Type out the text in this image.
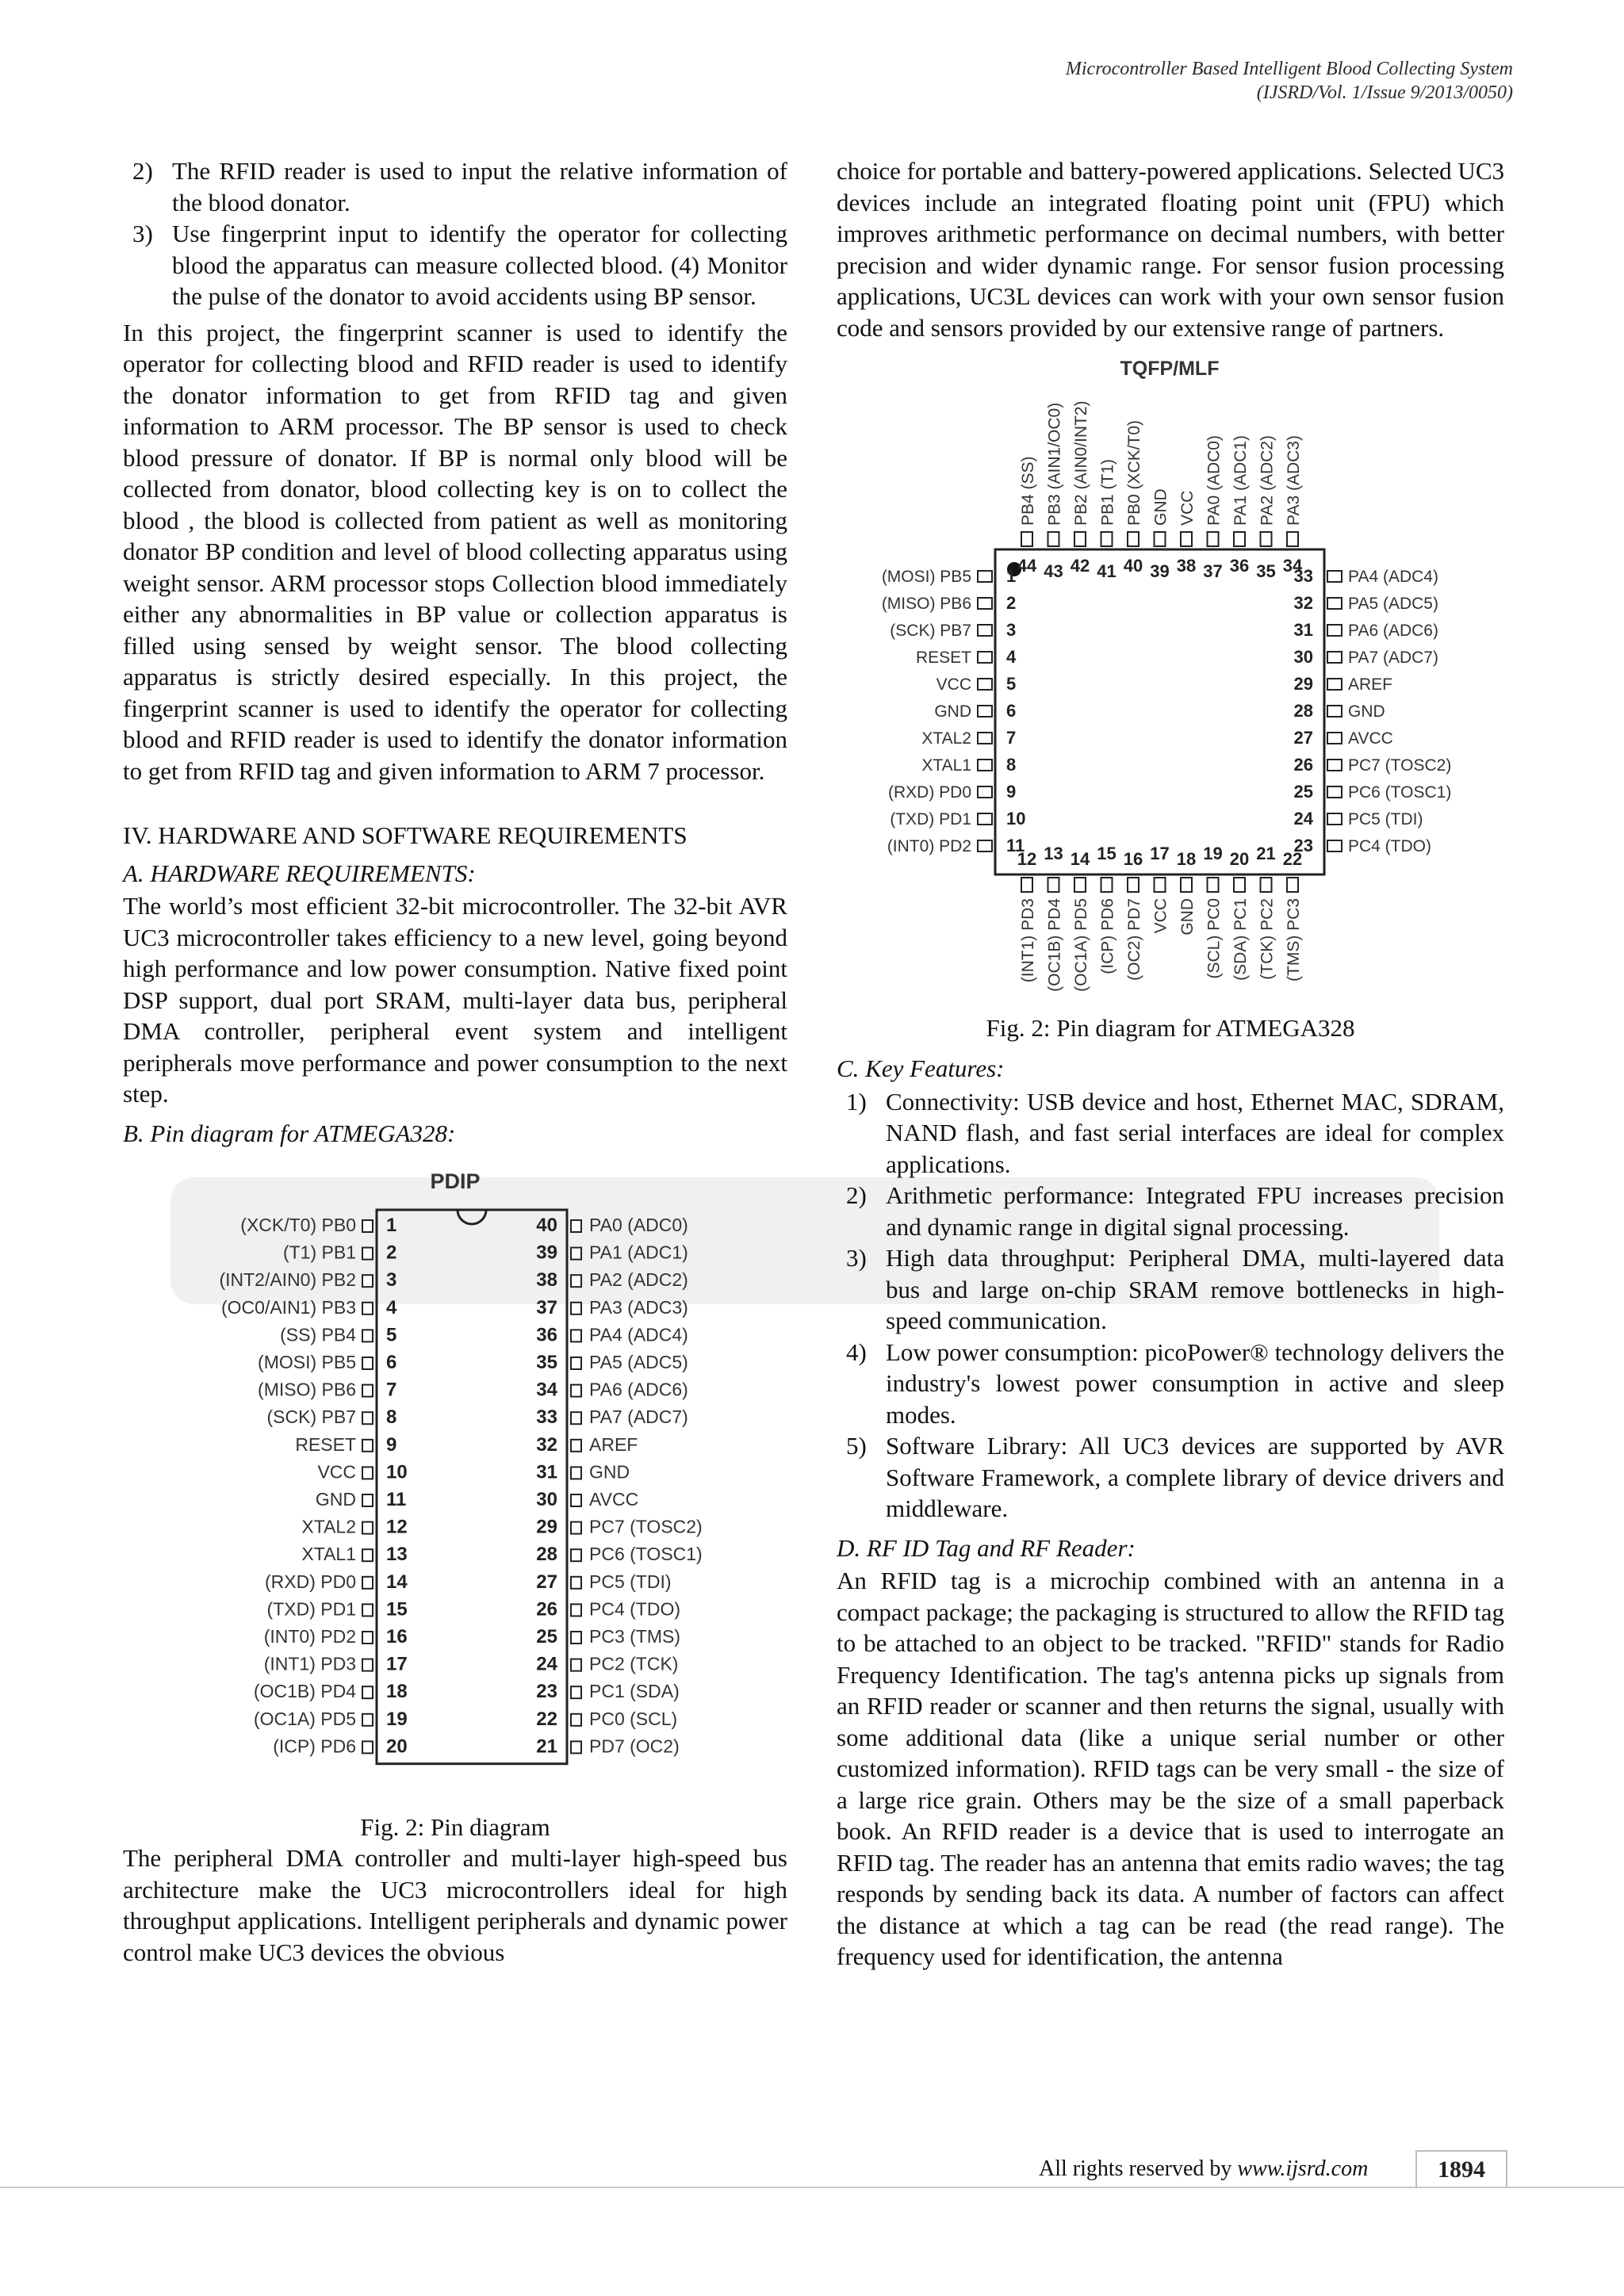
Microcontroller Based Intelligent Blood Collecting System
(IJSRD/Vol. 1/Issue 9/2013/0050)
2) The RFID reader is used to input the relative information of the blood donator.
3) Use fingerprint input to identify the operator for collecting blood the apparatus can measure collected blood. (4) Monitor the pulse of the donator to avoid accidents using BP sensor.

In this project, the fingerprint scanner is used to identify the operator for collecting blood and RFID reader is used to identify the donator information to get from RFID tag and given information to ARM processor. The BP sensor is used to check blood pressure of donator. If BP is normal only blood will be collected from donator, blood collecting key is on to collect the blood , the blood is collected from patient as well as monitoring donator BP condition and level of blood collecting apparatus using weight sensor. ARM processor stops Collection blood immediately either any abnormalities in BP value or collection apparatus is filled using sensed by weight sensor. The blood collecting apparatus is strictly desired especially. In this project, the fingerprint scanner is used to identify the operator for collecting blood and RFID reader is used to identify the donator information to get from RFID tag and given information to ARM 7 processor.

IV. HARDWARE AND SOFTWARE REQUIREMENTS
A. HARDWARE REQUIREMENTS:

The world’s most efficient 32-bit microcontroller. The 32-bit AVR UC3 microcontroller takes efficiency to a new level, going beyond high performance and low power consumption. Native fixed point DSP support, dual port SRAM, multi-layer data bus, peripheral DMA controller, peripheral event system and intelligent peripherals move performance and power consumption to the next step.

B. Pin diagram for ATMEGA328:
PDIP
1
(XCK/T0) PB0
2
(T1) PB1
3
(INT2/AIN0) PB2
4
(OC0/AIN1) PB3
5
(SS) PB4
6
(MOSI) PB5
7
(MISO) PB6
8
(SCK) PB7
9
RESET
10
VCC
11
GND
12
XTAL2
13
XTAL1
14
(RXD) PD0
15
(TXD) PD1
16
(INT0) PD2
17
(INT1) PD3
18
(OC1B) PD4
19
(OC1A) PD5
20
(ICP) PD6
40 PA0 (ADC0)
39 PA1 (ADC1)
38 PA2 (ADC2)
37 PA3 (ADC3)
36 PA4 (ADC4)
35 PA5 (ADC5)
34 PA6 (ADC6)
33 PA7 (ADC7)
32 AREF
31 GND
30 AVCC
29 PC7 (TOSC2)
28 PC6 (TOSC1)
27 PC5 (TDI)
26 PC4 (TDO)
25 PC3 (TMS)
24 PC2 (TCK)
23 PC1 (SDA)
22 PC0 (SCL)
21 PD7 (OC2)
Fig. 2: Pin diagram

The peripheral DMA controller and multi-layer high-speed bus architecture make the UC3 microcontrollers ideal for high throughput applications. Intelligent peripherals and dynamic power control make UC3 devices the obvious

choice for portable and battery-powered applications. Selected UC3 devices include an integrated floating point unit (FPU) which improves arithmetic performance on decimal numbers, with better precision and wider dynamic range. For sensor fusion processing applications, UC3L devices can work with your own sensor fusion code and sensors provided by our extensive range of partners.

TQFP/MLF
44
PB4 (SS)
43
PB3 (AIN1/OC0)
42
PB2 (AIN0/INT2)
41
PB1 (T1)
40
PB0 (XCK/T0)
39
GND
38
VCC
37
PA0 (ADC0)
36
PA1 (ADC1)
35
PA2 (ADC2)
34
PA3 (ADC3)
1
(MOSI) PB5
2
(MISO) PB6
3
(SCK) PB7
4
RESET
5
VCC
6
GND
7
XTAL2
8
XTAL1
9
(RXD) PD0
10
(TXD) PD1
11
(INT0) PD2
33 PA4 (ADC4)
32 PA5 (ADC5)
31 PA6 (ADC6)
30 PA7 (ADC7)
29 AREF
28 GND
27 AVCC
26 PC7 (TOSC2)
25 PC6 (TOSC1)
24 PC5 (TDI)
23 PC4 (TDO)
12
(INT1) PD3
13
(OC1B) PD4
14
(OC1A) PD5
15
(ICP) PD6
16
(OC2) PD7
17
VCC
18
GND
19
(SCL) PC0
20
(SDA) PC1
21
(TCK) PC2
22
(TMS) PC3
Fig. 2: Pin diagram for ATMEGA328
C. Key Features:
1) Connectivity: USB device and host, Ethernet MAC, SDRAM, NAND flash, and fast serial interfaces are ideal for complex applications.
2) Arithmetic performance: Integrated FPU increases precision and dynamic range in digital signal processing.
3) High data throughput: Peripheral DMA, multi-layered data bus and large on-chip SRAM remove bottlenecks in high-speed communication.
4) Low power consumption: picoPower® technology delivers the industry's lowest power consumption in active and sleep modes.
5) Software Library: All UC3 devices are supported by AVR Software Framework, a complete library of device drivers and middleware.
D. RF ID Tag and RF Reader:

An RFID tag is a microchip combined with an antenna in a compact package; the packaging is structured to allow the RFID tag to be attached to an object to be tracked. "RFID" stands for Radio Frequency Identification. The tag's antenna picks up signals from an RFID reader or scanner and then returns the signal, usually with some additional data (like a unique serial number or other customized information). RFID tags can be very small - the size of a large rice grain. Others may be the size of a small paperback book. An RFID reader is a device that is used to interrogate an RFID tag. The reader has an antenna that emits radio waves; the tag responds by sending back its data. A number of factors can affect the distance at which a tag can be read (the read range). The frequency used for identification, the antenna

All rights reserved by www.ijsrd.com	1894
